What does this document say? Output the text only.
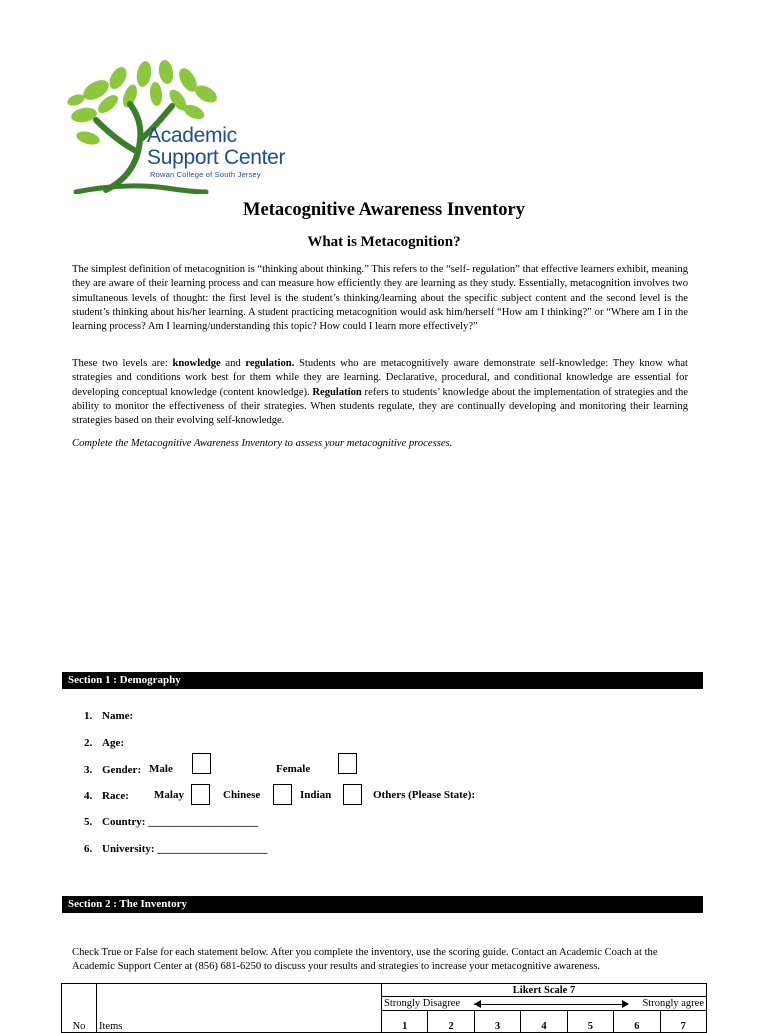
Academic
Support Center
Rowan College of South Jersey
Metacognitive Awareness Inventory
What is Metacognition?

The simplest definition of metacognition is “thinking about thinking.” This refers to the “self- regulation” that effective learners exhibit, meaning they are aware of their learning process and can measure how efficiently they are learning as they study. Essentially, metacognition involves two simultaneous levels of thought: the first level is the student’s thinking/learning about the specific subject content and the second level is the student’s thinking about his/her learning. A student practicing metacognition would ask him/herself “How am I thinking?” or “Where am I in the learning process? Am I learning/understanding this topic? How could I learn more effectively?”

These two levels are: knowledge and regulation. Students who are metacognitively aware demonstrate self-knowledge: They know what strategies and conditions work best for them while they are learning. Declarative, procedural, and conditional knowledge are essential for developing conceptual knowledge (content knowledge). Regulation refers to students’ knowledge about the implementation of strategies and the ability to monitor the effectiveness of their strategies. When students regulate, they are continually developing and monitoring their learning strategies based on their evolving self-knowledge.

Complete the Metacognitive Awareness Inventory to assess your metacognitive processes.

Section 1 : Demography
1. Name:
2. Age:
3. Gender: Male	Female
4. Race: Malay	Chinese	Indian	Others (Please State):
5. Country: ____________________
6. University: ____________________
Section 2 : The Inventory

Check True or False for each statement below. After you complete the inventory, use the scoring guide. Contact an Academic Coach at the Academic Support Center at (856) 681-6250 to discuss your results and strategies to increase your metacognitive awareness.

No	Items	Likert Scale 7						

		Strongly Disagree Strongly agree						

		1	2	3	4	5	6	7
